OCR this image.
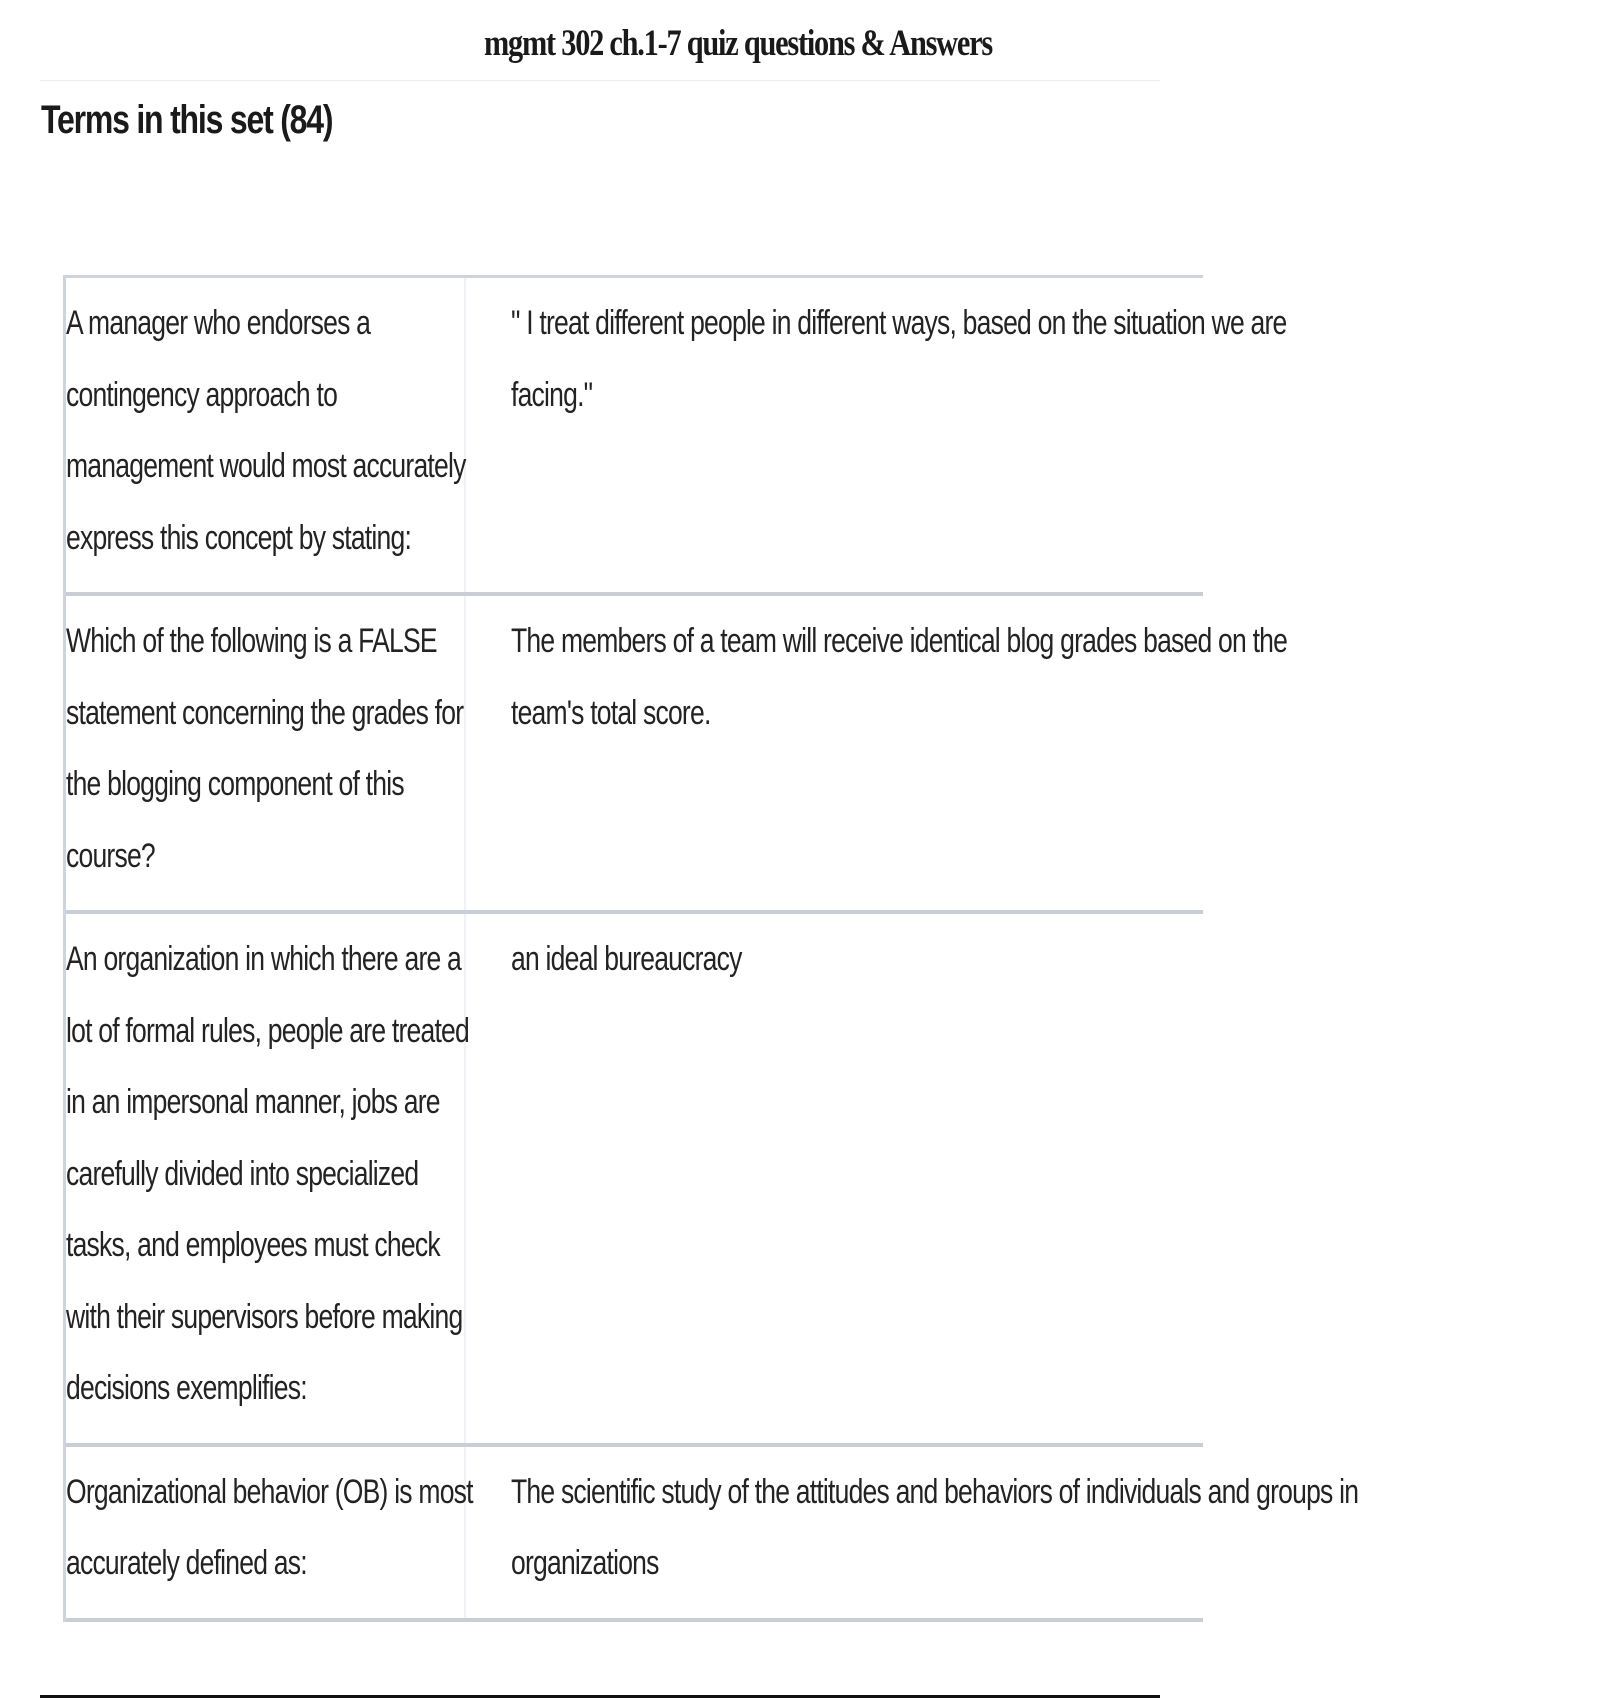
mgmt 302 ch.1-7 quiz questions & Answers
Terms in this set (84)
A manager who endorses a contingency approach to management would most accurately express this concept by stating:
" I treat different people in different ways, based on the situation we are facing."
Which of the following is a FALSE statement concerning the grades for the blogging component of this course?
The members of a team will receive identical blog grades based on the team's total score.
An organization in which there are a lot of formal rules, people are treated in an impersonal manner, jobs are carefully divided into specialized tasks, and employees must check with their supervisors before making decisions exemplifies:
an ideal bureaucracy
Organizational behavior (OB) is most accurately defined as:
The scientific study of the attitudes and behaviors of individuals and groups in organizations
